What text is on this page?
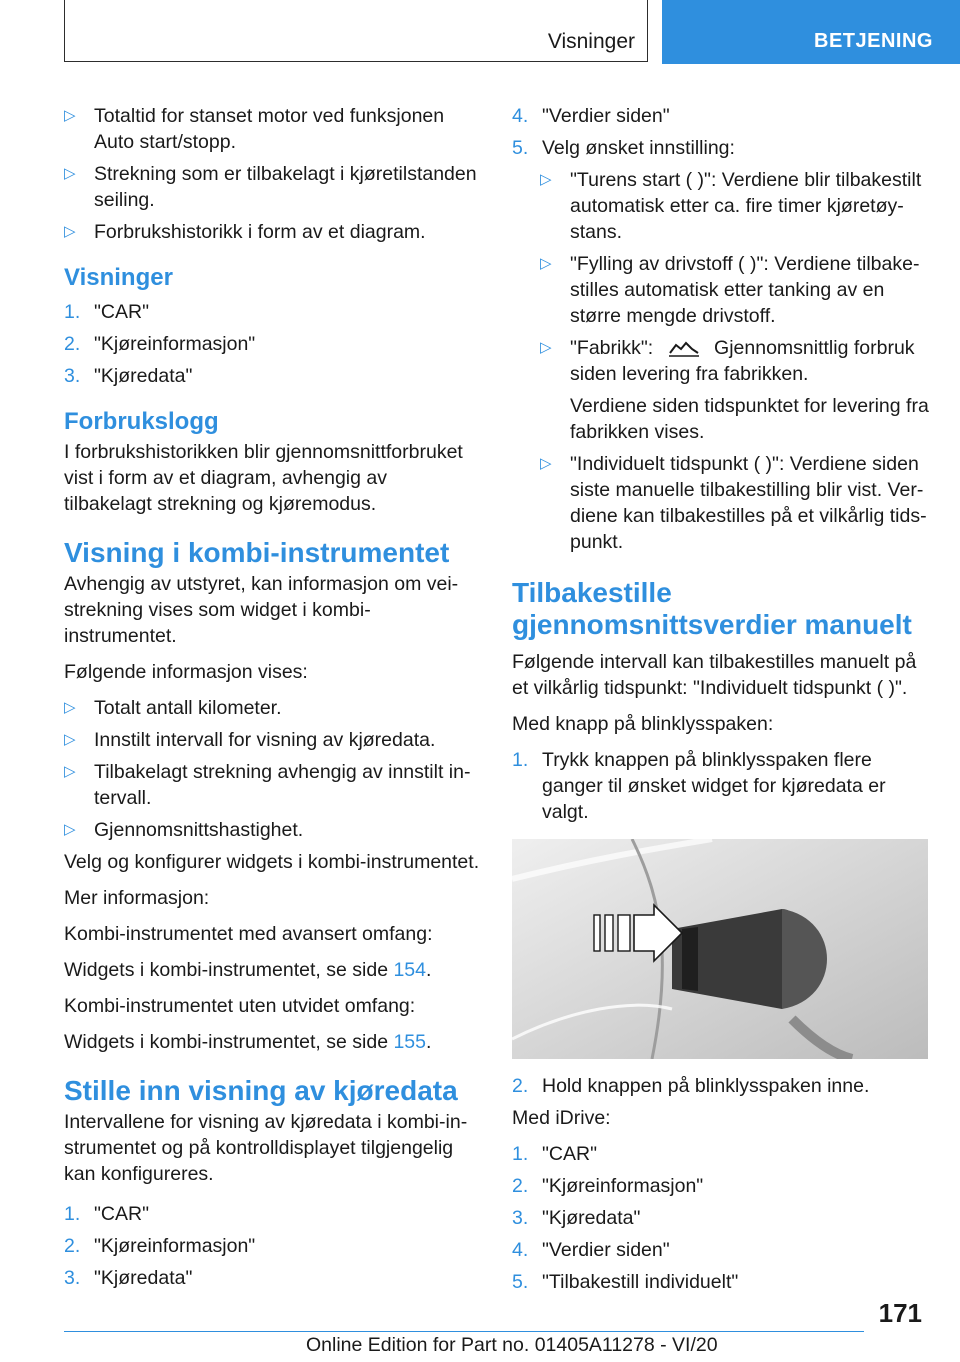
Visninger	BETJENING
▷ Totaltid for stanset motor ved funksjonen Auto start/stopp.
▷ Strekning som er tilbakelagt i kjøretilstanden seiling.
▷ Forbrukshistorikk i form av et diagram.
Visninger
1. "CAR"
2. "Kjøreinformasjon"
3. "Kjøredata"
Forbrukslogg
I forbrukshistorikken blir gjennomsnittforbruket vist i form av et diagram, avhengig av tilbakelagt strekning og kjøremodus.
Visning i kombi-instrumentet
Avhengig av utstyret, kan informasjon om veistrekning vises som widget i kombi-instrumentet.
Følgende informasjon vises:
▷ Totalt antall kilometer.
▷ Innstilt intervall for visning av kjøredata.
▷ Tilbakelagt strekning avhengig av innstilt intervall.
▷ Gjennomsnittshastighet.
Velg og konfigurer widgets i kombi-instrumentet.
Mer informasjon:
Kombi-instrumentet med avansert omfang:
Widgets i kombi-instrumentet, se side 154.
Kombi-instrumentet uten utvidet omfang:
Widgets i kombi-instrumentet, se side 155.
Stille inn visning av kjøredata
Intervallene for visning av kjøredata i kombi-instrumentet og på kontrolldisplayet tilgjengelig kan konfigureres.
1. "CAR"
2. "Kjøreinformasjon"
3. "Kjøredata"
4. "Verdier siden"
5. Velg ønsket innstilling:
▷ "Turens start ( )": Verdiene blir tilbakestilt automatisk etter ca. fire timer kjøretøystans.
▷ "Fylling av drivstoff ( )": Verdiene tilbakestilles automatisk etter tanking av en større mengde drivstoff.
▷ "Fabrikk":	Gjennomsnittlig forbruk siden levering fra fabrikken.
Verdiene siden tidspunktet for levering fra fabrikken vises.
▷ "Individuelt tidspunkt ( )": Verdiene siden siste manuelle tilbakestilling blir vist. Verdiene kan tilbakestilles på et vilkårlig tidspunkt.
Tilbakestille gjennomsnittsverdier manuelt
Følgende intervall kan tilbakestilles manuelt på et vilkårlig tidspunkt: "Individuelt tidspunkt ( )".
Med knapp på blinklysspaken:
1. Trykk knappen på blinklysspaken flere ganger til ønsket widget for kjøredata er valgt.
2. Hold knappen på blinklysspaken inne.
Med iDrive:
1. "CAR"
2. "Kjøreinformasjon"
3. "Kjøredata"
4. "Verdier siden"
5. "Tilbakestill individuelt"
171
Online Edition for Part no. 01405A11278 - VI/20
